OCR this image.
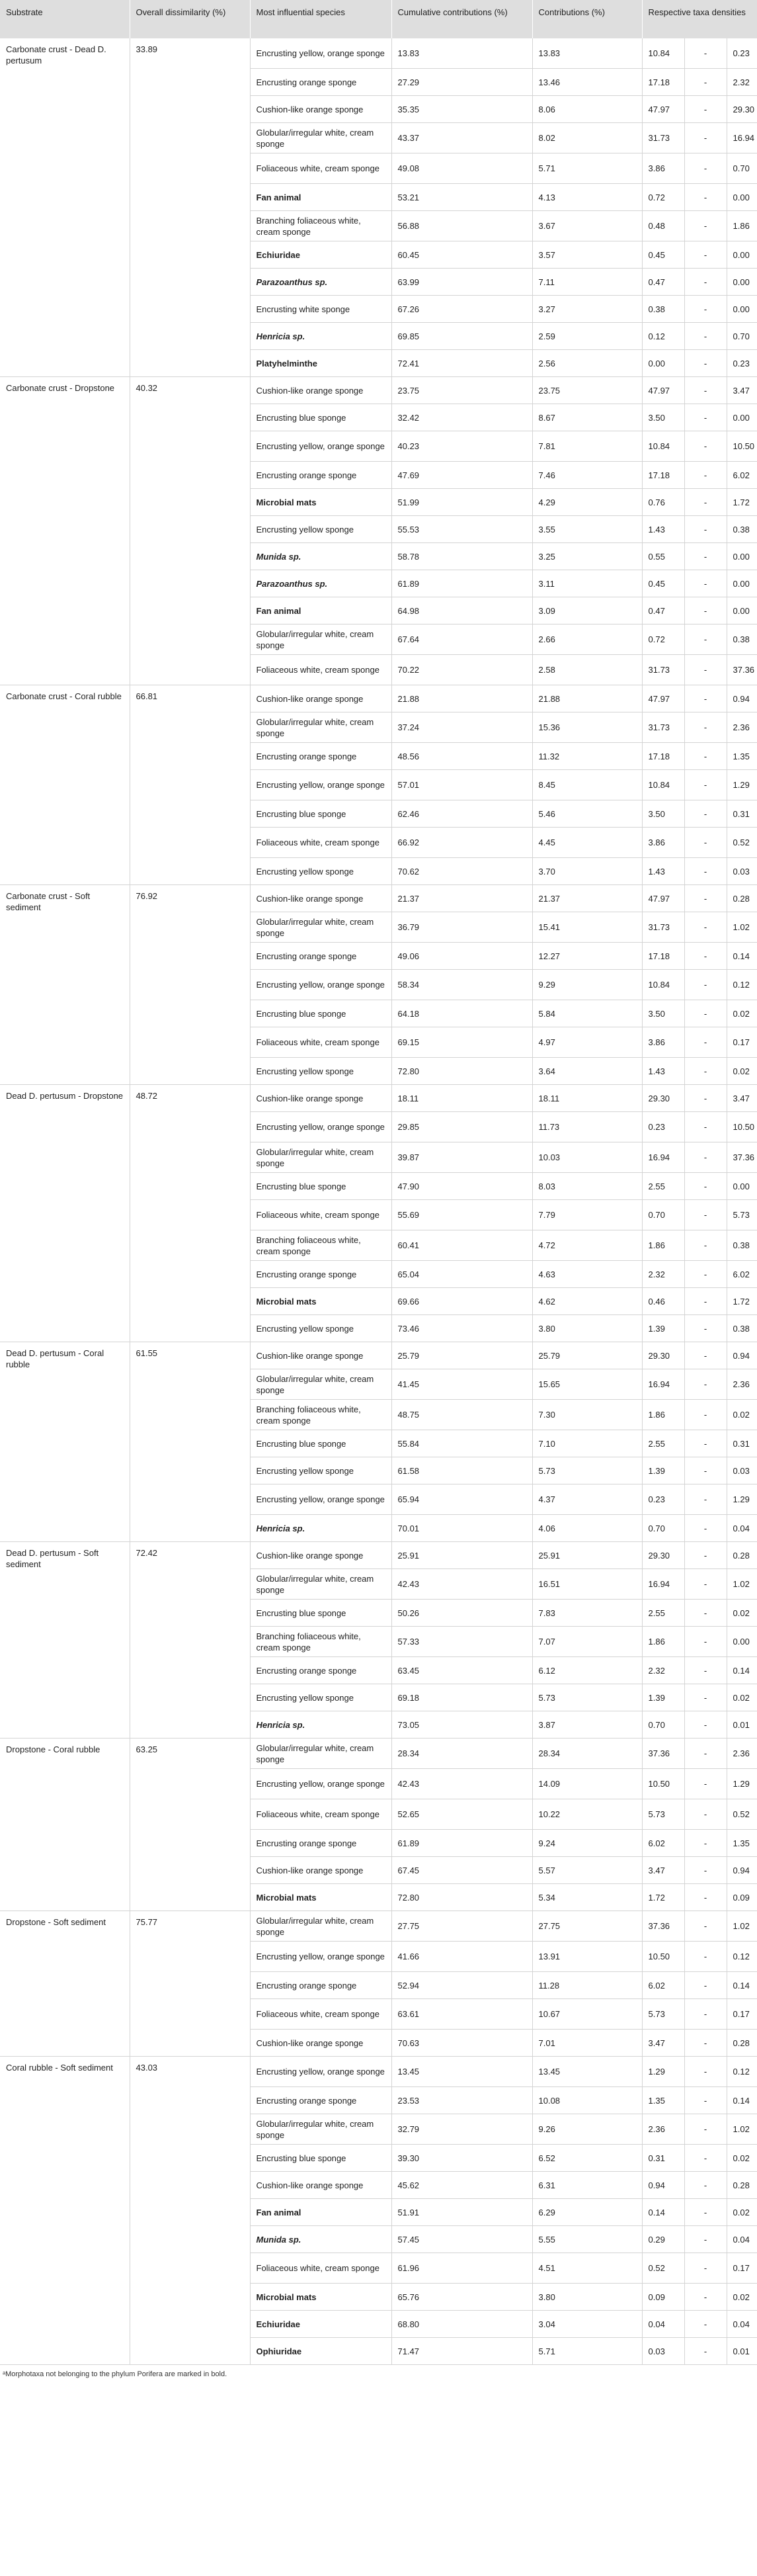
Substrate	Overall dissimilarity (%)	Most influential species	Cumulative contributions (%)	Contributions (%)	Respective taxa densities		
Carbonate crust - Dead D. pertusum	33.89	Encrusting yellow, orange sponge	13.83	13.83	10.84	-	0.23
		Encrusting orange sponge	27.29	13.46	17.18	-	2.32
		Cushion-like orange sponge	35.35	8.06	47.97	-	29.30
		Globular/irregular white, cream sponge	43.37	8.02	31.73	-	16.94
		Foliaceous white, cream sponge	49.08	5.71	3.86	-	0.70
		Fan animal	53.21	4.13	0.72	-	0.00
		Branching foliaceous white, cream sponge	56.88	3.67	0.48	-	1.86
		Echiuridae	60.45	3.57	0.45	-	0.00
		Parazoanthus sp.	63.99	7.11	0.47	-	0.00
		Encrusting white sponge	67.26	3.27	0.38	-	0.00
		Henricia sp.	69.85	2.59	0.12	-	0.70
		Platyhelminthe	72.41	2.56	0.00	-	0.23
Carbonate crust - Dropstone	40.32	Cushion-like orange sponge	23.75	23.75	47.97	-	3.47
		Encrusting blue sponge	32.42	8.67	3.50	-	0.00
		Encrusting yellow, orange sponge	40.23	7.81	10.84	-	10.50
		Encrusting orange sponge	47.69	7.46	17.18	-	6.02
		Microbial mats	51.99	4.29	0.76	-	1.72
		Encrusting yellow sponge	55.53	3.55	1.43	-	0.38
		Munida sp.	58.78	3.25	0.55	-	0.00
		Parazoanthus sp.	61.89	3.11	0.45	-	0.00
		Fan animal	64.98	3.09	0.47	-	0.00
		Globular/irregular white, cream sponge	67.64	2.66	0.72	-	0.38
		Foliaceous white, cream sponge	70.22	2.58	31.73	-	37.36
Carbonate crust - Coral rubble	66.81	Cushion-like orange sponge	21.88	21.88	47.97	-	0.94
		Globular/irregular white, cream sponge	37.24	15.36	31.73	-	2.36
		Encrusting orange sponge	48.56	11.32	17.18	-	1.35
		Encrusting yellow, orange sponge	57.01	8.45	10.84	-	1.29
		Encrusting blue sponge	62.46	5.46	3.50	-	0.31
		Foliaceous white, cream sponge	66.92	4.45	3.86	-	0.52
		Encrusting yellow sponge	70.62	3.70	1.43	-	0.03
Carbonate crust - Soft sediment	76.92	Cushion-like orange sponge	21.37	21.37	47.97	-	0.28
		Globular/irregular white, cream sponge	36.79	15.41	31.73	-	1.02
		Encrusting orange sponge	49.06	12.27	17.18	-	0.14
		Encrusting yellow, orange sponge	58.34	9.29	10.84	-	0.12
		Encrusting blue sponge	64.18	5.84	3.50	-	0.02
		Foliaceous white, cream sponge	69.15	4.97	3.86	-	0.17
		Encrusting yellow sponge	72.80	3.64	1.43	-	0.02
Dead D. pertusum - Dropstone	48.72	Cushion-like orange sponge	18.11	18.11	29.30	-	3.47
		Encrusting yellow, orange sponge	29.85	11.73	0.23	-	10.50
		Globular/irregular white, cream sponge	39.87	10.03	16.94	-	37.36
		Encrusting blue sponge	47.90	8.03	2.55	-	0.00
		Foliaceous white, cream sponge	55.69	7.79	0.70	-	5.73
		Branching foliaceous white, cream sponge	60.41	4.72	1.86	-	0.38
		Encrusting orange sponge	65.04	4.63	2.32	-	6.02
		Microbial mats	69.66	4.62	0.46	-	1.72
		Encrusting yellow sponge	73.46	3.80	1.39	-	0.38
Dead D. pertusum - Coral rubble	61.55	Cushion-like orange sponge	25.79	25.79	29.30	-	0.94
		Globular/irregular white, cream sponge	41.45	15.65	16.94	-	2.36
		Branching foliaceous white, cream sponge	48.75	7.30	1.86	-	0.02
		Encrusting blue sponge	55.84	7.10	2.55	-	0.31
		Encrusting yellow sponge	61.58	5.73	1.39	-	0.03
		Encrusting yellow, orange sponge	65.94	4.37	0.23	-	1.29
		Henricia sp.	70.01	4.06	0.70	-	0.04
Dead D. pertusum - Soft sediment	72.42	Cushion-like orange sponge	25.91	25.91	29.30	-	0.28
		Globular/irregular white, cream sponge	42.43	16.51	16.94	-	1.02
		Encrusting blue sponge	50.26	7.83	2.55	-	0.02
		Branching foliaceous white, cream sponge	57.33	7.07	1.86	-	0.00
		Encrusting orange sponge	63.45	6.12	2.32	-	0.14
		Encrusting yellow sponge	69.18	5.73	1.39	-	0.02
		Henricia sp.	73.05	3.87	0.70	-	0.01
Dropstone - Coral rubble	63.25	Globular/irregular white, cream sponge	28.34	28.34	37.36	-	2.36
		Encrusting yellow, orange sponge	42.43	14.09	10.50	-	1.29
		Foliaceous white, cream sponge	52.65	10.22	5.73	-	0.52
		Encrusting orange sponge	61.89	9.24	6.02	-	1.35
		Cushion-like orange sponge	67.45	5.57	3.47	-	0.94
		Microbial mats	72.80	5.34	1.72	-	0.09
Dropstone - Soft sediment	75.77	Globular/irregular white, cream sponge	27.75	27.75	37.36	-	1.02
		Encrusting yellow, orange sponge	41.66	13.91	10.50	-	0.12
		Encrusting orange sponge	52.94	11.28	6.02	-	0.14
		Foliaceous white, cream sponge	63.61	10.67	5.73	-	0.17
		Cushion-like orange sponge	70.63	7.01	3.47	-	0.28
Coral rubble - Soft sediment	43.03	Encrusting yellow, orange sponge	13.45	13.45	1.29	-	0.12
		Encrusting orange sponge	23.53	10.08	1.35	-	0.14
		Globular/irregular white, cream sponge	32.79	9.26	2.36	-	1.02
		Encrusting blue sponge	39.30	6.52	0.31	-	0.02
		Cushion-like orange sponge	45.62	6.31	0.94	-	0.28
		Fan animal	51.91	6.29	0.14	-	0.02
		Munida sp.	57.45	5.55	0.29	-	0.04
		Foliaceous white, cream sponge	61.96	4.51	0.52	-	0.17
		Microbial mats	65.76	3.80	0.09	-	0.02
		Echiuridae	68.80	3.04	0.04	-	0.04
		Ophiuridae	71.47	5.71	0.03	-	0.01
ᵃMorphotaxa not belonging to the phylum Porifera are marked in bold.
